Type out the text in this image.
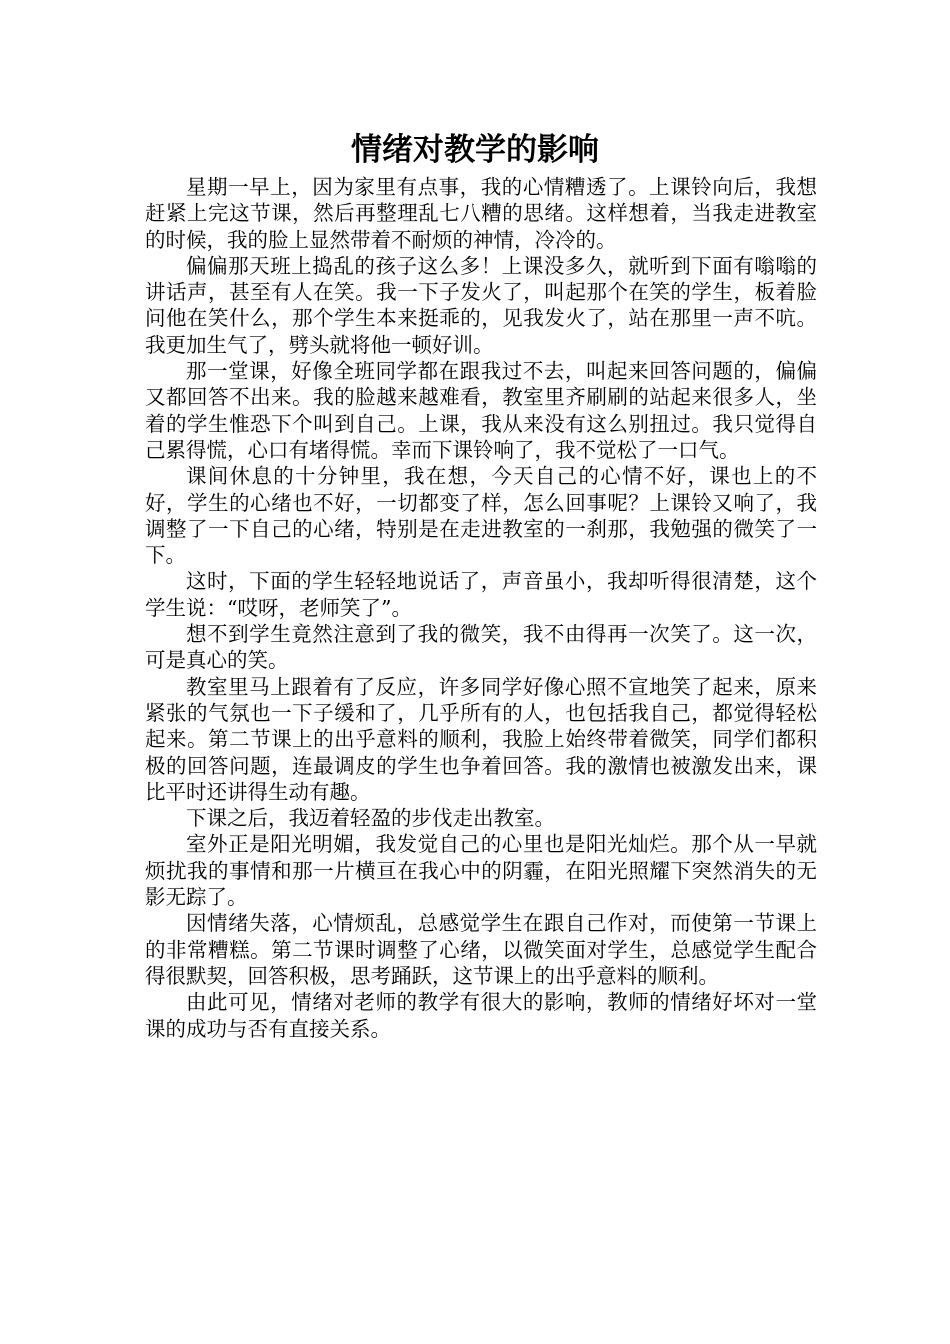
情绪对教学的影响

星期一早上，因为家里有点事，我的心情糟透了。上课铃向后，我想赶紧上完这节课，然后再整理乱七八糟的思绪。这样想着，当我走进教室的时候，我的脸上显然带着不耐烦的神情，冷冷的。

偏偏那天班上捣乱的孩子这么多！上课没多久，就听到下面有嗡嗡的讲话声，甚至有人在笑。我一下子发火了，叫起那个在笑的学生，板着脸问他在笑什么，那个学生本来挺乖的，见我发火了，站在那里一声不吭。我更加生气了，劈头就将他一顿好训。

那一堂课，好像全班同学都在跟我过不去，叫起来回答问题的，偏偏又都回答不出来。我的脸越来越难看，教室里齐刷刷的站起来很多人，坐着的学生惟恐下个叫到自己。上课，我从来没有这么别扭过。我只觉得自己累得慌，心口有堵得慌。幸而下课铃响了，我不觉松了一口气。

课间休息的十分钟里，我在想，今天自己的心情不好，课也上的不好，学生的心绪也不好，一切都变了样，怎么回事呢？上课铃又响了，我调整了一下自己的心绪，特别是在走进教室的一刹那，我勉强的微笑了一下。

这时，下面的学生轻轻地说话了，声音虽小，我却听得很清楚，这个学生说：“哎呀，老师笑了”。

想不到学生竟然注意到了我的微笑，我不由得再一次笑了。这一次，可是真心的笑。

教室里马上跟着有了反应，许多同学好像心照不宣地笑了起来，原来紧张的气氛也一下子缓和了，几乎所有的人，也包括我自己，都觉得轻松起来。第二节课上的出乎意料的顺利，我脸上始终带着微笑，同学们都积极的回答问题，连最调皮的学生也争着回答。我的激情也被激发出来，课比平时还讲得生动有趣。

下课之后，我迈着轻盈的步伐走出教室。

室外正是阳光明媚，我发觉自己的心里也是阳光灿烂。那个从一早就烦扰我的事情和那一片横亘在我心中的阴霾，在阳光照耀下突然消失的无影无踪了。

因情绪失落，心情烦乱，总感觉学生在跟自己作对，而使第一节课上的非常糟糕。第二节课时调整了心绪，以微笑面对学生，总感觉学生配合得很默契，回答积极，思考踊跃，这节课上的出乎意料的顺利。

由此可见，情绪对老师的教学有很大的影响，教师的情绪好坏对一堂课的成功与否有直接关系。
